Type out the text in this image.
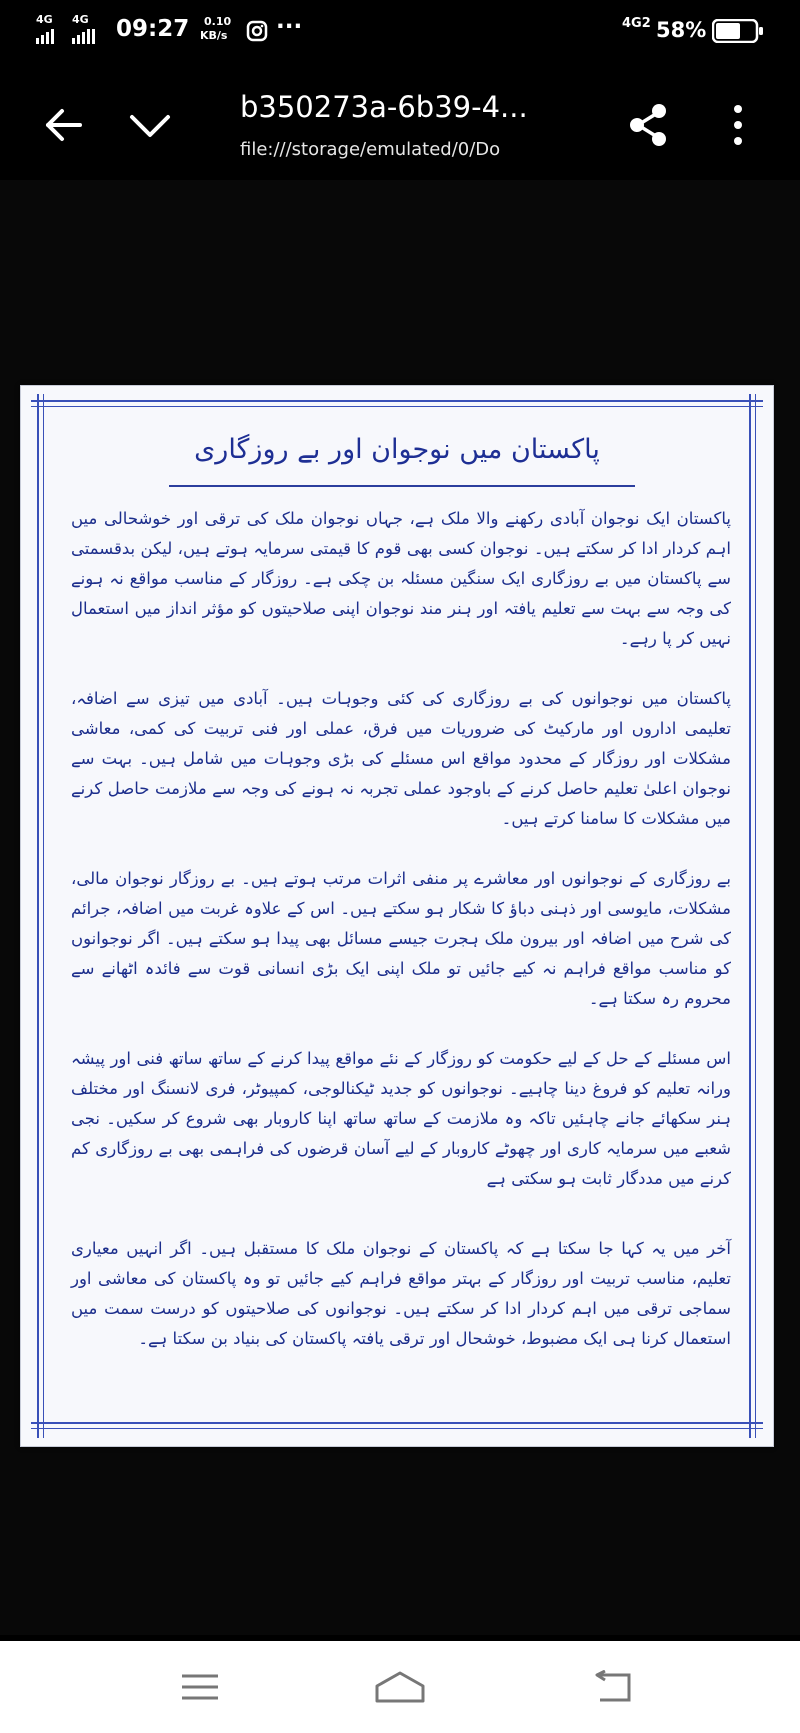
4G 4G 09:27 0.10
KB/s ···	4G2 58%
b350273a-6b39-4...
file:///storage/emulated/0/Do
پاکستان میں نوجوان اور بے روزگاری
پاکستان ایک نوجوان آبادی رکھنے والا ملک ہے، جہاں نوجوان ملک کی ترقی اور خوشحالی میں اہم کردار ادا کر سکتے ہیں۔ نوجوان کسی بھی قوم کا قیمتی سرمایہ ہوتے ہیں، لیکن بدقسمتی سے پاکستان میں بے روزگاری ایک سنگین مسئلہ بن چکی ہے۔ روزگار کے مناسب مواقع نہ ہونے کی وجہ سے بہت سے تعلیم یافتہ اور ہنر مند نوجوان اپنی صلاحیتوں کو مؤثر انداز میں استعمال نہیں کر پا رہے۔
پاکستان میں نوجوانوں کی بے روزگاری کی کئی وجوہات ہیں۔ آبادی میں تیزی سے اضافہ، تعلیمی اداروں اور مارکیٹ کی ضروریات میں فرق، عملی اور فنی تربیت کی کمی، معاشی مشکلات اور روزگار کے محدود مواقع اس مسئلے کی بڑی وجوہات میں شامل ہیں۔ بہت سے نوجوان اعلیٰ تعلیم حاصل کرنے کے باوجود عملی تجربہ نہ ہونے کی وجہ سے ملازمت حاصل کرنے میں مشکلات کا سامنا کرتے ہیں۔
بے روزگاری کے نوجوانوں اور معاشرے پر منفی اثرات مرتب ہوتے ہیں۔ بے روزگار نوجوان مالی، مشکلات، مایوسی اور ذہنی دباؤ کا شکار ہو سکتے ہیں۔ اس کے علاوہ غربت میں اضافہ، جرائم کی شرح میں اضافہ اور بیرون ملک ہجرت جیسے مسائل بھی پیدا ہو سکتے ہیں۔ اگر نوجوانوں کو مناسب مواقع فراہم نہ کیے جائیں تو ملک اپنی ایک بڑی انسانی قوت سے فائدہ اٹھانے سے محروم رہ سکتا ہے۔
اس مسئلے کے حل کے لیے حکومت کو روزگار کے نئے مواقع پیدا کرنے کے ساتھ ساتھ فنی اور پیشہ ورانہ تعلیم کو فروغ دینا چاہیے۔ نوجوانوں کو جدید ٹیکنالوجی، کمپیوٹر، فری لانسنگ اور مختلف ہنر سکھائے جانے چاہئیں تاکہ وہ ملازمت کے ساتھ ساتھ اپنا کاروبار بھی شروع کر سکیں۔ نجی شعبے میں سرمایہ کاری اور چھوٹے کاروبار کے لیے آسان قرضوں کی فراہمی بھی بے روزگاری کم کرنے میں مددگار ثابت ہو سکتی ہے
آخر میں یہ کہا جا سکتا ہے کہ پاکستان کے نوجوان ملک کا مستقبل ہیں۔ اگر انہیں معیاری تعلیم، مناسب تربیت اور روزگار کے بہتر مواقع فراہم کیے جائیں تو وہ پاکستان کی معاشی اور سماجی ترقی میں اہم کردار ادا کر سکتے ہیں۔ نوجوانوں کی صلاحیتوں کو درست سمت میں استعمال کرنا ہی ایک مضبوط، خوشحال اور ترقی یافتہ پاکستان کی بنیاد بن سکتا ہے۔
